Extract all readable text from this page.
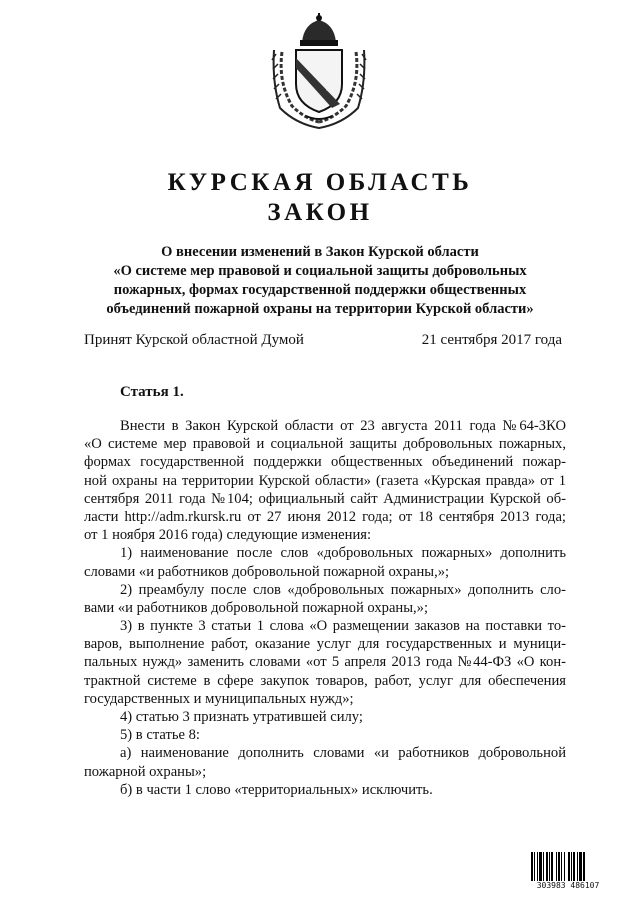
КУРСКАЯ ОБЛАСТЬ
ЗАКОН
О внесении изменений в Закон Курской области
«О системе мер правовой и социальной защиты добровольных
пожарных, формах государственной поддержки общественных
объединений пожарной охраны на территории Курской области»
Принят Курской областной Думой	21 сентября 2017 года
Статья 1.
Внести в Закон Курской области от 23 августа 2011 года №64-ЗКО
«О системе мер правовой и социальной защиты добровольных пожарных,
формах государственной поддержки общественных объединений пожар-
ной охраны на территории Курской области» (газета «Курская правда» от 1
сентября 2011 года №104; официальный сайт Администрации Курской об-
ласти http://adm.rkursk.ru от 27 июня 2012 года; от 18 сентября 2013 года;
от 1 ноября 2016 года) следующие изменения:
1) наименование после слов «добровольных пожарных» дополнить
словами «и работников добровольной пожарной охраны,»;
2) преамбулу после слов «добровольных пожарных» дополнить сло-
вами «и работников добровольной пожарной охраны,»;
3) в пункте 3 статьи 1 слова «О размещении заказов на поставки то-
варов, выполнение работ, оказание услуг для государственных и муници-
пальных нужд» заменить словами «от 5 апреля 2013 года №44-ФЗ «О кон-
трактной системе в сфере закупок товаров, работ, услуг для обеспечения
государственных и муниципальных нужд»;
4) статью 3 признать утратившей силу;
5) в статье 8:
а) наименование дополнить словами «и работников добровольной
пожарной охраны»;
б) в части 1 слово «территориальных» исключить.
303983 486107
